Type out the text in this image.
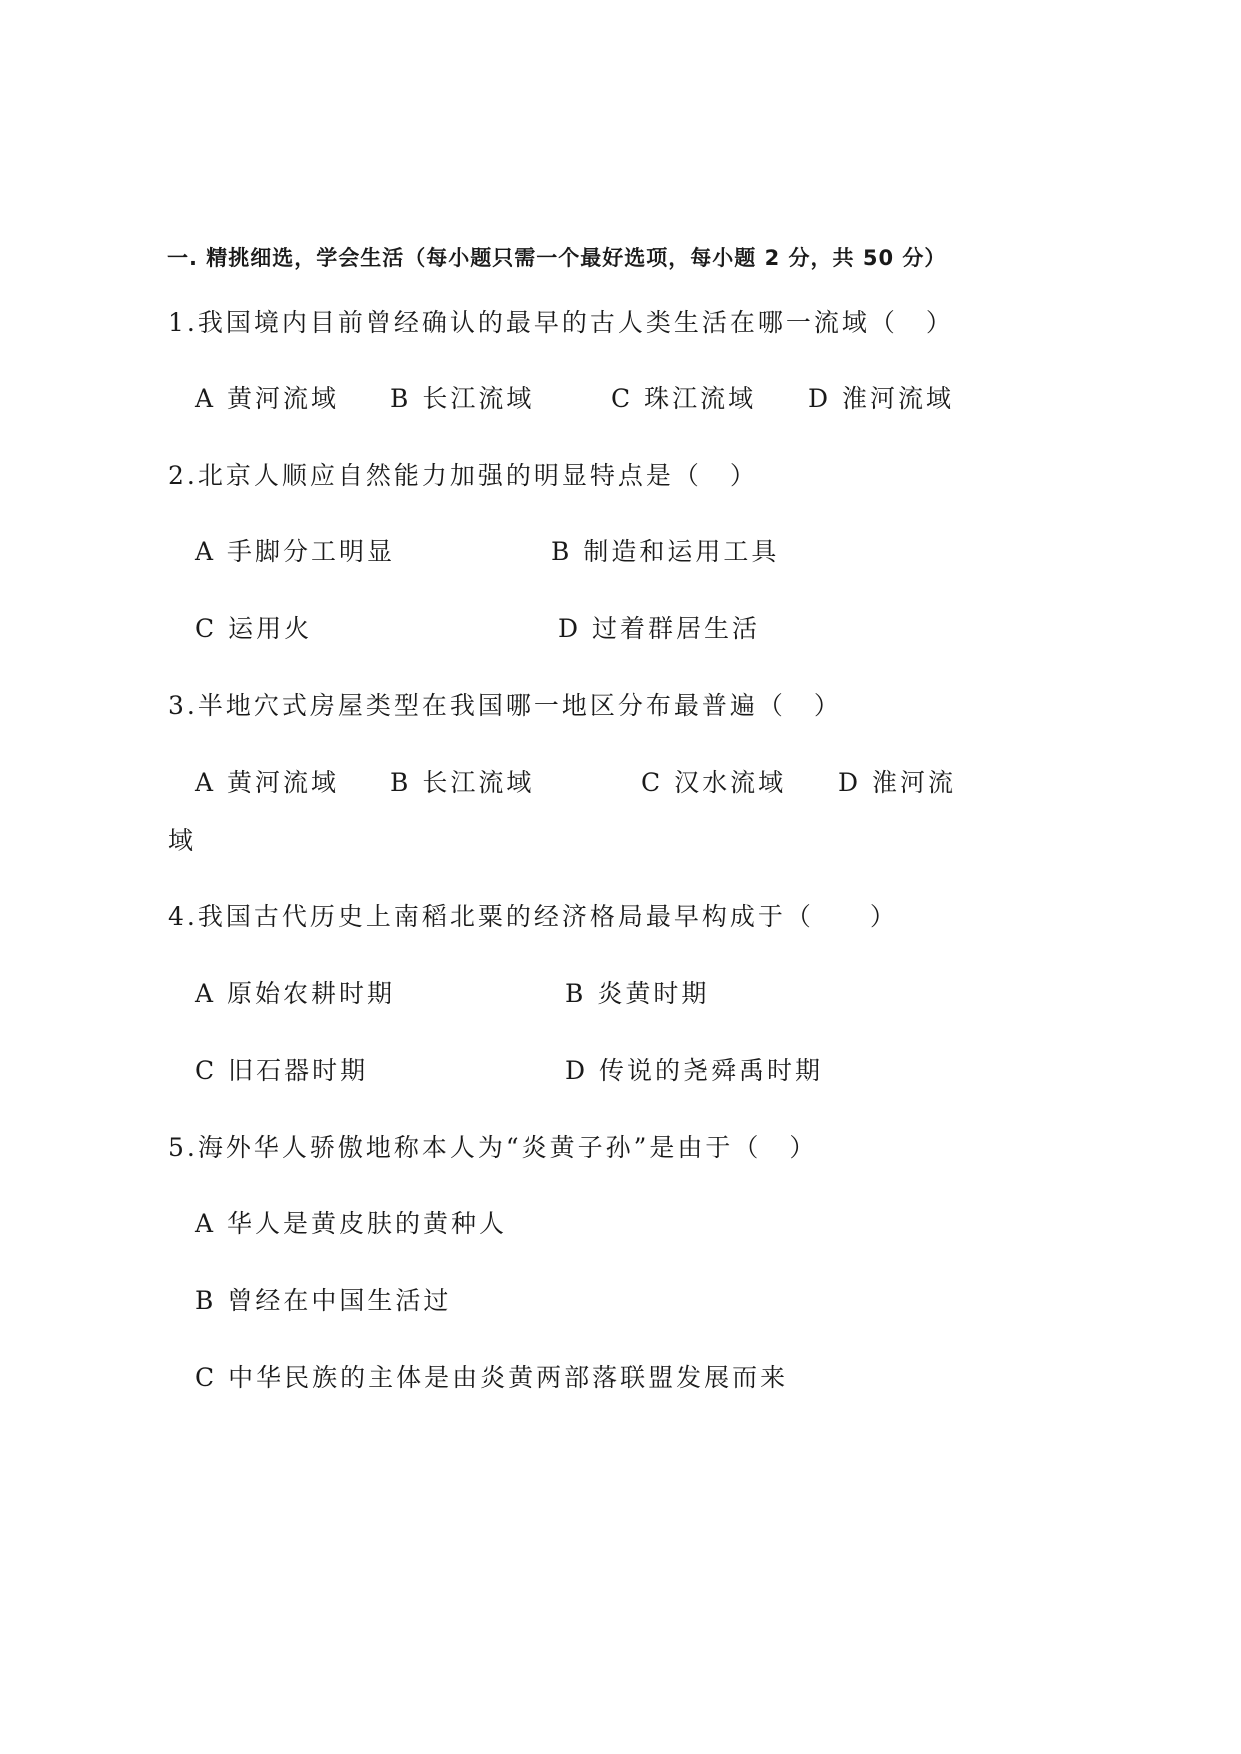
一. 精挑细选，学会生活（每小题只需一个最好选项，每小题 2 分，共 50 分）
1.我国境内目前曾经确认的最早的古人类生活在哪一流域（　）
A 黄河流域 B 长江流域	C 珠江流域 D 淮河流域
2.北京人顺应自然能力加强的明显特点是（　）
A 手脚分工明显	B 制造和运用工具
C 运用火	D 过着群居生活
3.半地穴式房屋类型在我国哪一地区分布最普遍（　）
A 黄河流域 B 长江流域	C 汉水流域 D 淮河流
域
4.我国古代历史上南稻北粟的经济格局最早构成于（　　）
A 原始农耕时期	B 炎黄时期
C 旧石器时期	D 传说的尧舜禹时期
5.海外华人骄傲地称本人为“炎黄子孙”是由于（　）
A 华人是黄皮肤的黄种人
B 曾经在中国生活过
C 中华民族的主体是由炎黄两部落联盟发展而来
